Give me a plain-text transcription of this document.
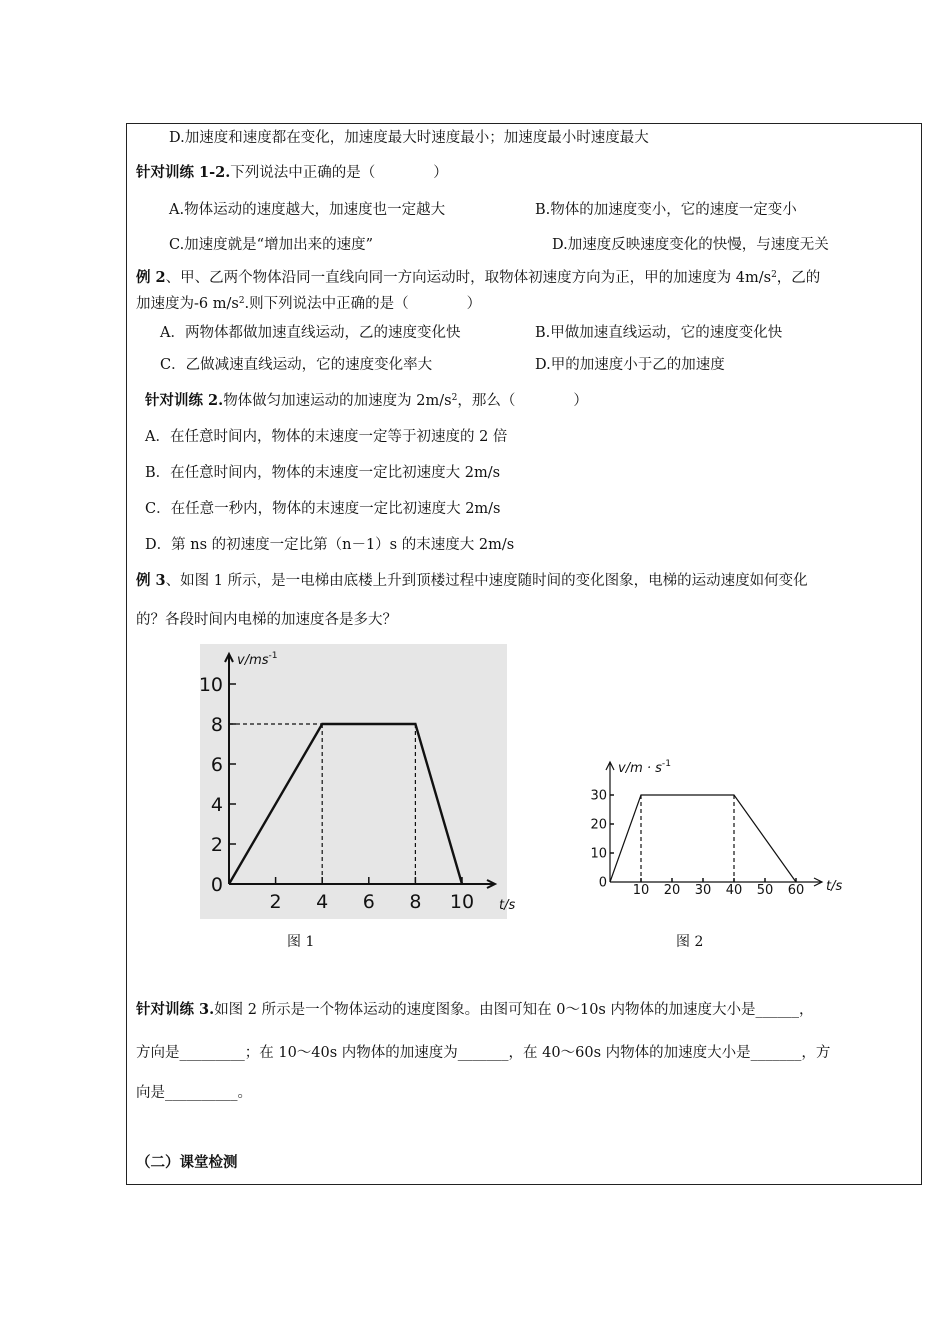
D.加速度和速度都在变化，加速度最大时速度最小；加速度最小时速度最大
针对训练 1-2.下列说法中正确的是（　　　　）
A.物体运动的速度越大，加速度也一定越大	B.物体的加速度变小，它的速度一定变小
C.加速度就是“增加出来的速度”	D.加速度反映速度变化的快慢，与速度无关
例 2、甲、乙两个物体沿同一直线向同一方向运动时，取物体初速度方向为正，甲的加速度为 $4m/s^2$，乙的
加速度为-6 $m/s^2$.则下列说法中正确的是（　　　　）
A．两物体都做加速直线运动，乙的速度变化快	B.甲做加速直线运动，它的速度变化快
C．乙做减速直线运动，它的速度变化率大	D.甲的加速度小于乙的加速度
针对训练 2.物体做匀加速运动的加速度为 $2m/s^2$，那么（　　　　）
A．在任意时间内，物体的末速度一定等于初速度的 2 倍
B．在任意时间内，物体的末速度一定比初速度大 2m/s
C．在任意一秒内，物体的末速度一定比初速度大 2m/s
D．第 ns 的初速度一定比第（n－1）s 的末速度大 2m/s
例 3、如图 1 所示，是一电梯由底楼上升到顶楼过程中速度随时间的变化图象，电梯的运动速度如何变化
的？各段时间内电梯的加速度各是多大？
10
8
6
4
2
0
2 4 6 8 10
$v/ms^{-1}$
t/s
图 1
30
20
10
0 10 20 30 40 50 60
$v/m \cdot s^{-1}$
t/s
图 2
针对训练 3.如图 2 所示是一个物体运动的速度图象。由图可知在 0～10s 内物体的加速度大小是______，
方向是_________；在 10～40s 内物体的加速度为_______，在 40～60s 内物体的加速度大小是_______，方
向是__________。
（二）课堂检测
